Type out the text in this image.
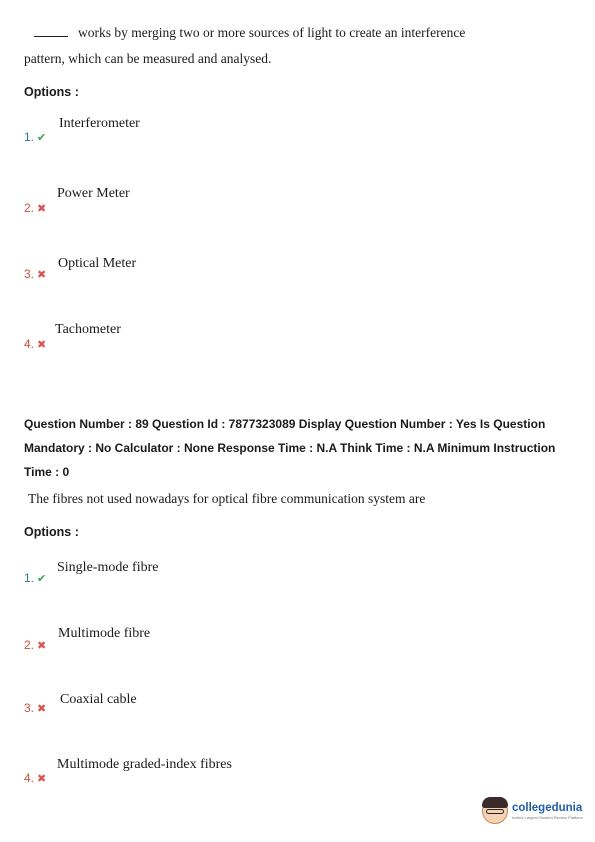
works by merging two or more sources of light to create an interference
pattern, which can be measured and analysed.
Options :
1. ✔
Interferometer
2. ✖
Power Meter
3. ✖
Optical Meter
4. ✖
Tachometer
Question Number : 89 Question Id : 7877323089 Display Question Number : Yes Is Question
Mandatory : No Calculator : None Response Time : N.A Think Time : N.A Minimum Instruction
Time : 0
The fibres not used nowadays for optical fibre communication system are
Options :
1. ✔
Single-mode fibre
2. ✖
Multimode fibre
3. ✖
Coaxial cable
4. ✖
Multimode graded-index fibres
collegedunia
India's Largest Student Review Platform
